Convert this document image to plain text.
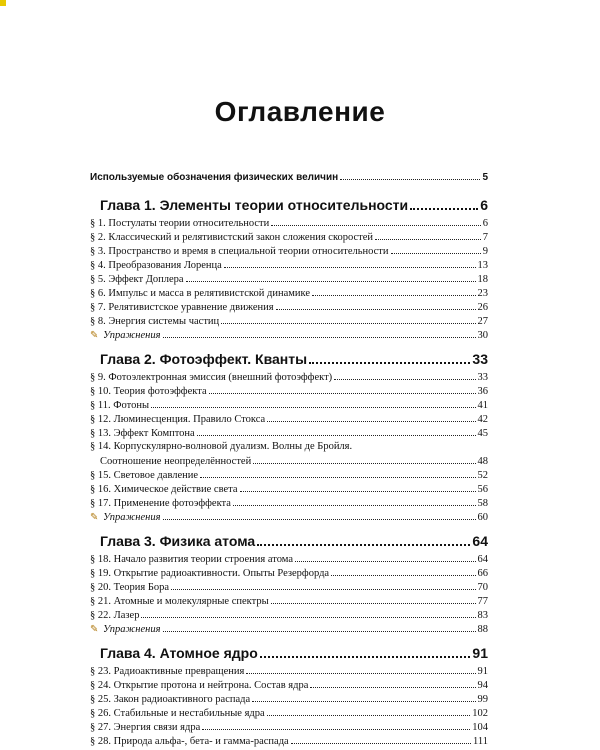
Оглавление
Используемые обозначения физических величин	5
Глава 1. Элементы теории относительности	6
§ 1. Постулаты теории относительности	6
§ 2. Классический и релятивистский закон сложения скоростей	7
§ 3. Пространство и время в специальной теории относительности	9
§ 4. Преобразования Лоренца	13
§ 5. Эффект Доплера	18
§ 6. Импульс и масса в релятивистской динамике	23
§ 7. Релятивистское уравнение движения	26
§ 8. Энергия системы частиц	27
✎ Упражнения	30
Глава 2. Фотоэффект. Кванты	33
§ 9. Фотоэлектронная эмиссия (внешний фотоэффект)	33
§ 10. Теория фотоэффекта	36
§ 11. Фотоны	41
§ 12. Люминесценция. Правило Стокса	42
§ 13. Эффект Комптона	45
§ 14. Корпускулярно-волновой дуализм. Волны де Бройля.
Соотношение неопределённостей	48
§ 15. Световое давление	52
§ 16. Химическое действие света	56
§ 17. Применение фотоэффекта	58
✎ Упражнения	60
Глава 3. Физика атома	64
§ 18. Начало развития теории строения атома	64
§ 19. Открытие радиоактивности. Опыты Резерфорда	66
§ 20. Теория Бора	70
§ 21. Атомные и молекулярные спектры	77
§ 22. Лазер	83
✎ Упражнения	88
Глава 4. Атомное ядро	91
§ 23. Радиоактивные превращения	91
§ 24. Открытие протона и нейтрона. Состав ядра	94
§ 25. Закон радиоактивного распада	99
§ 26. Стабильные и нестабильные ядра	102
§ 27. Энергия связи ядра	104
§ 28. Природа альфа-, бета- и гамма-распада	111
